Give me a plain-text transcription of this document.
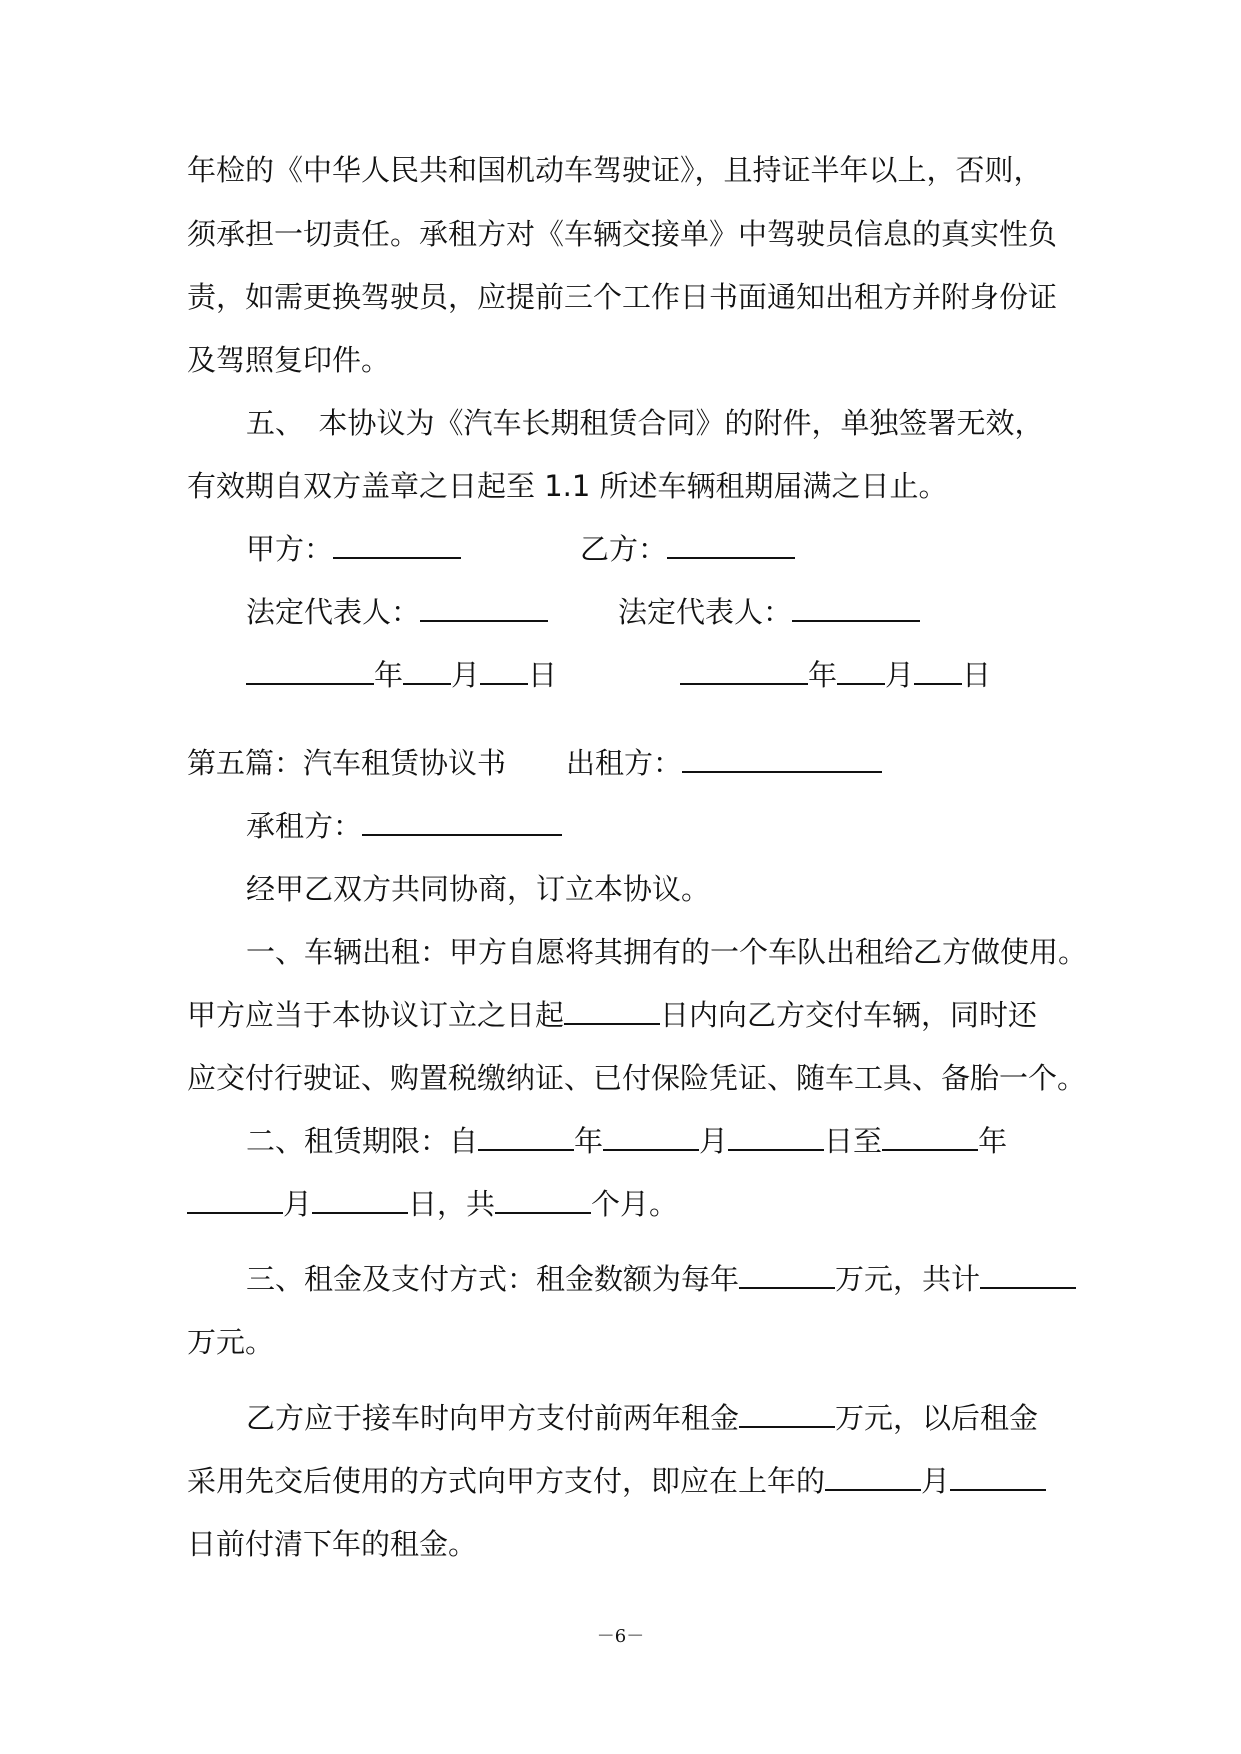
年检的《中华人民共和国机动车驾驶证》，且持证半年以上，否则，
须承担一切责任。承租方对《车辆交接单》中驾驶员信息的真实性负
责，如需更换驾驶员，应提前三个工作日书面通知出租方并附身份证
及驾照复印件。
五、　本协议为《汽车长期租赁合同》的附件，单独签署无效，
有效期自双方盖章之日起至 1.1 所述车辆租期届满之日止。
甲方：	乙方：
法定代表人：	法定代表人：
年 月 日	年 月 日
第五篇：汽车租赁协议书 出租方：
承租方：
经甲乙双方共同协商，订立本协议。
一、车辆出租：甲方自愿将其拥有的一个车队出租给乙方做使用。
甲方应当于本协议订立之日起	日内向乙方交付车辆，同时还
应交付行驶证、购置税缴纳证、已付保险凭证、随车工具、备胎一个。
二、租赁期限：自	年	月	日至	年
月	日，共	个月。
三、租金及支付方式：租金数额为每年	万元，共计
万元。
乙方应于接车时向甲方支付前两年租金	万元，以后租金
采用先交后使用的方式向甲方支付，即应在上年的	月
日前付清下年的租金。
－6－
